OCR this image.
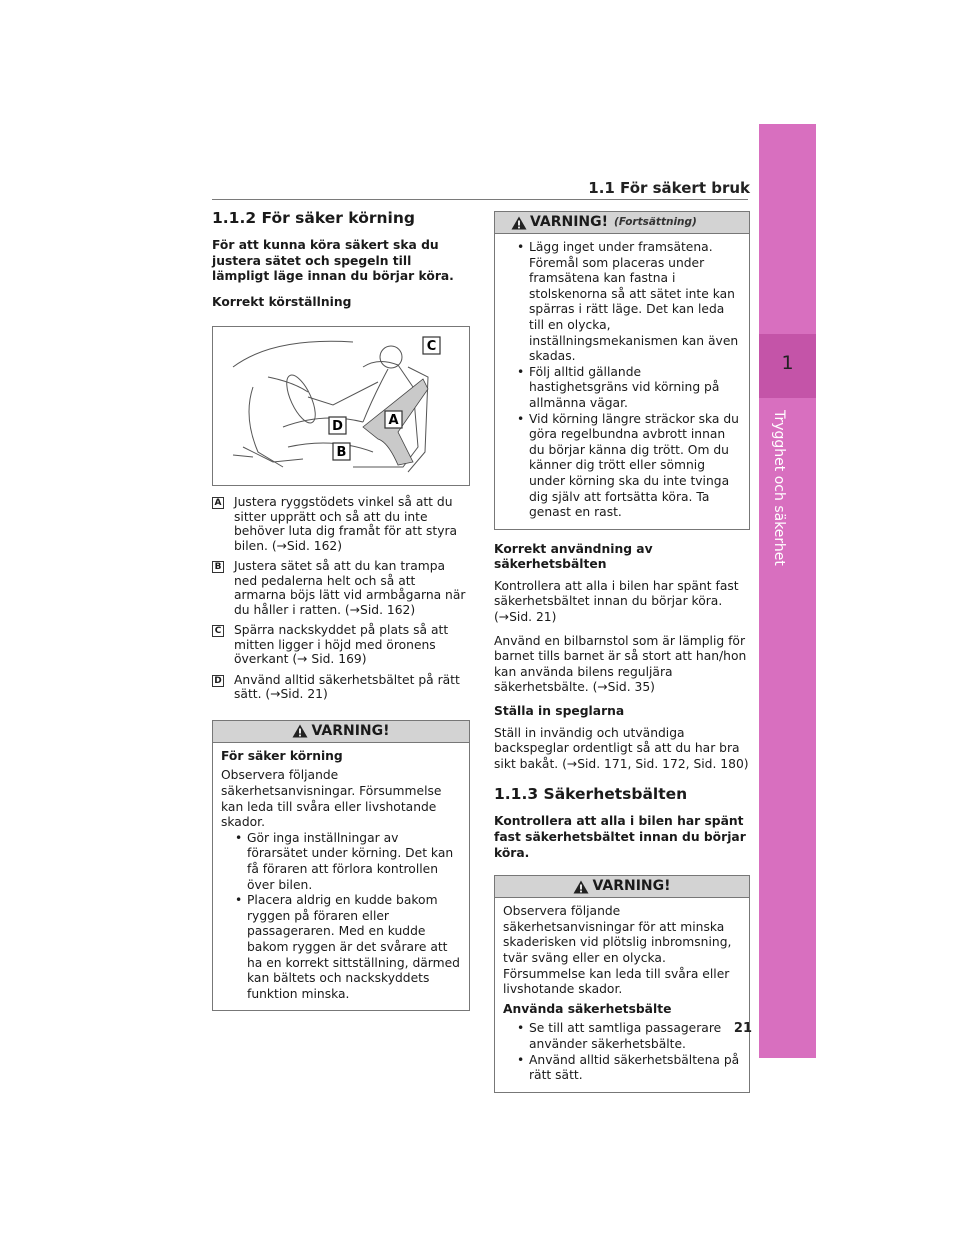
1
Trygghet och säkerhet
1.1 För säkert bruk
1.1.2 För säker körning
För att kunna köra säkert ska du justera sätet och spegeln till lämpligt läge innan du börjar köra.
Korrekt körställning
C
A
D
B
A Justera ryggstödets vinkel så att du sitter upprätt och så att du inte behöver luta dig framåt för att styra bilen. (→Sid. 162)
B Justera sätet så att du kan trampa ned pedalerna helt och så att armarna böjs lätt vid armbågarna när du håller i ratten. (→Sid. 162)
C Spärra nackskyddet på plats så att mitten ligger i höjd med öronens överkant (→ Sid. 169)
D Använd alltid säkerhetsbältet på rätt sätt. (→Sid. 21)
VARNING!
För säker körning
Observera följande säkerhetsanvisningar. Försummelse kan leda till svåra eller livshotande skador.
• Gör inga inställningar av förarsätet under körning. Det kan få föraren att förlora kontrollen över bilen.
• Placera aldrig en kudde bakom ryggen på föraren eller passageraren. Med en kudde bakom ryggen är det svårare att ha en korrekt sittställning, därmed kan bältets och nackskyddets funktion minska.
VARNING! (Fortsättning)
• Lägg inget under framsätena. Föremål som placeras under framsätena kan fastna i stolskenorna så att sätet inte kan spärras i rätt läge. Det kan leda till en olycka, inställningsmekanismen kan även skadas.
• Följ alltid gällande hastighetsgräns vid körning på allmänna vägar.
• Vid körning längre sträckor ska du göra regelbundna avbrott innan du börjar känna dig trött. Om du känner dig trött eller sömnig under körning ska du inte tvinga dig själv att fortsätta köra. Ta genast en rast.
Korrekt användning av säkerhetsbälten

Kontrollera att alla i bilen har spänt fast säkerhetsbältet innan du börjar köra. (→Sid. 21)

Använd en bilbarnstol som är lämplig för barnet tills barnet är så stort att han/hon kan använda bilens reguljära säkerhetsbälte. (→Sid. 35)

Ställa in speglarna

Ställ in invändig och utvändiga backspeglar ordentligt så att du har bra sikt bakåt. (→Sid. 171, Sid. 172, Sid. 180)

1.1.3 Säkerhetsbälten
Kontrollera att alla i bilen har spänt fast säkerhetsbältet innan du börjar köra.
VARNING!
Observera följande säkerhetsanvisningar för att minska skaderisken vid plötslig inbromsning, tvär sväng eller en olycka. Försummelse kan leda till svåra eller livshotande skador.
Använda säkerhetsbälte
• Se till att samtliga passagerare använder säkerhetsbälte.
• Använd alltid säkerhetsbältena på rätt sätt.
21
